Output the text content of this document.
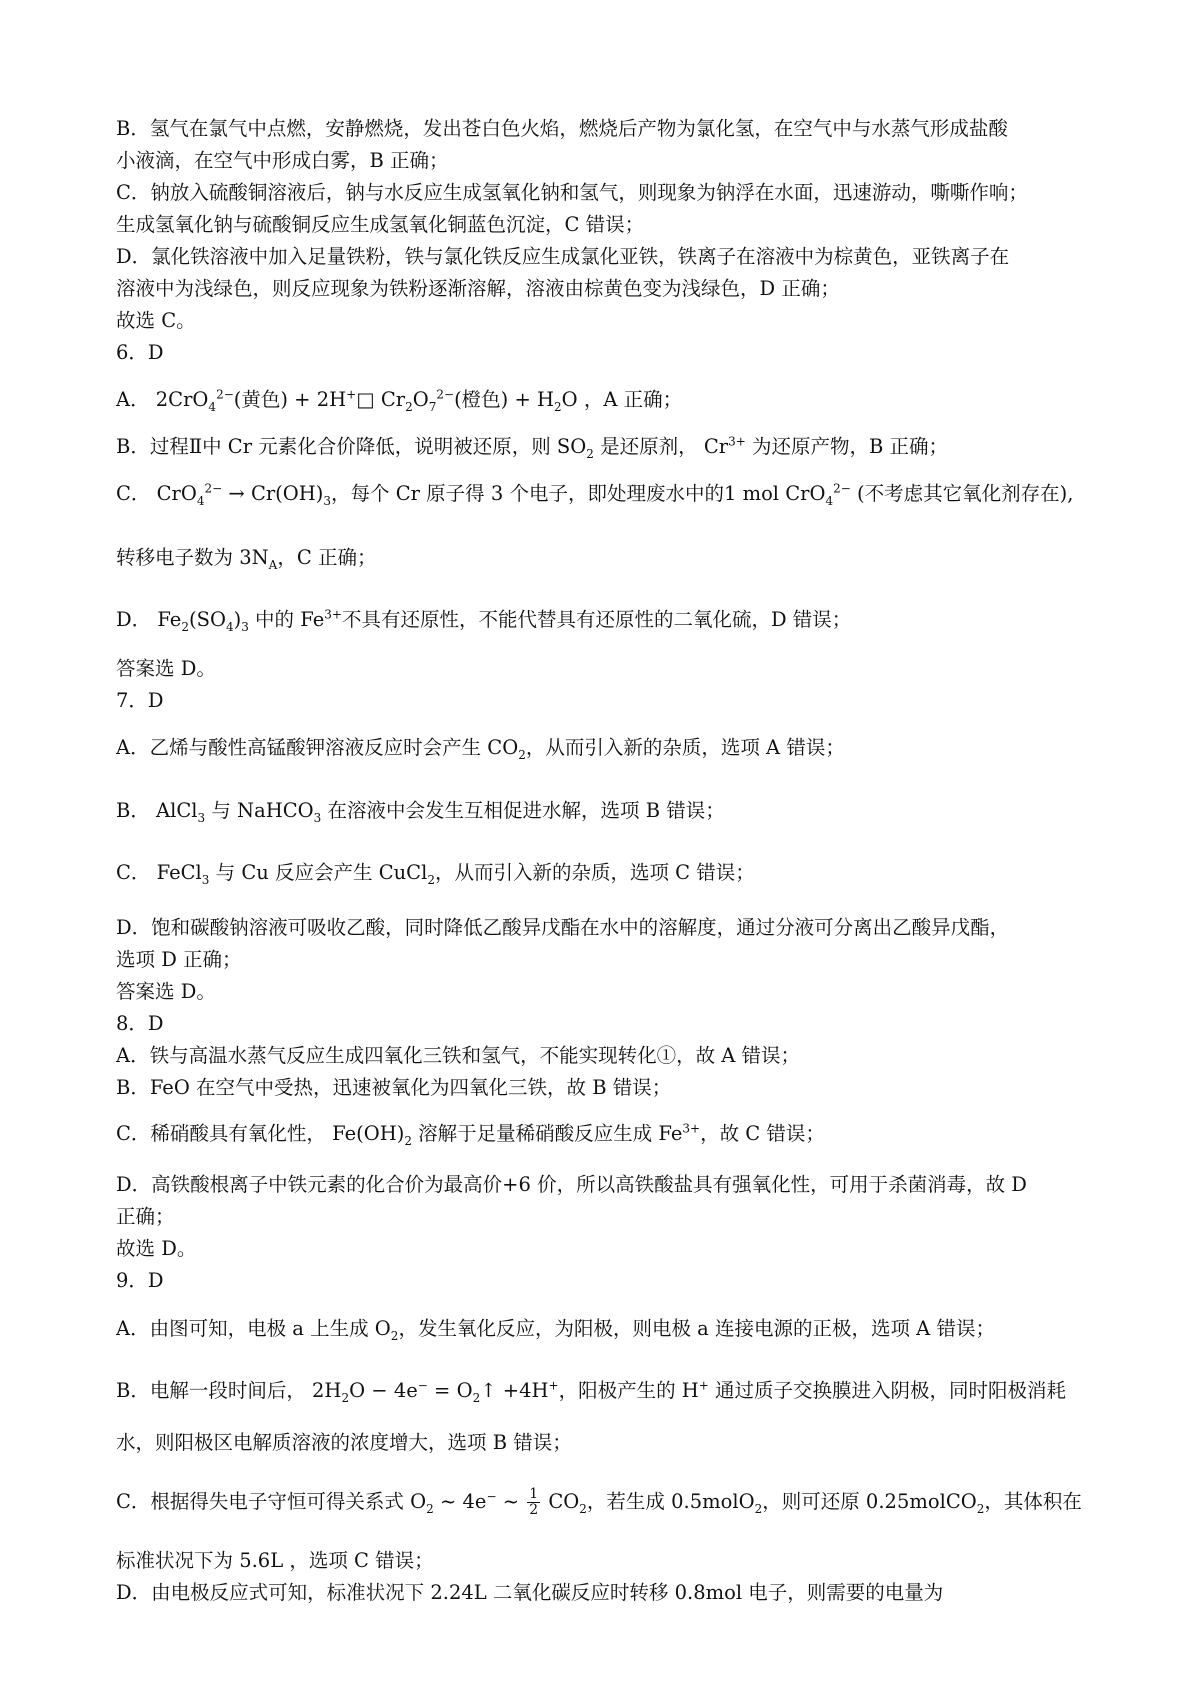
B．氢气在氯气中点燃，安静燃烧，发出苍白色火焰，燃烧后产物为氯化氢，在空气中与水蒸气形成盐酸
小液滴，在空气中形成白雾，B 正确；
C．钠放入硫酸铜溶液后，钠与水反应生成氢氧化钠和氢气，则现象为钠浮在水面，迅速游动，嘶嘶作响；
生成氢氧化钠与硫酸铜反应生成氢氧化铜蓝色沉淀，C 错误；
D．氯化铁溶液中加入足量铁粉，铁与氯化铁反应生成氯化亚铁，铁离子在溶液中为棕黄色，亚铁离子在
溶液中为浅绿色，则反应现象为铁粉逐渐溶解，溶液由棕黄色变为浅绿色，D 正确；
故选 C。
6．D
A． 2CrO$_4^{2-}$(黄色) + 2H+□ $Cr_2O_7^{2-}$(橙色) + $H_2O$ ，A 正确；
B．过程Ⅱ中 Cr 元素化合价降低，说明被还原，则 $SO_2$ 是还原剂， $Cr^{3+}$ 为还原产物，B 正确；
C． $CrO_4^{2-} \to Cr(OH)_3$，每个 Cr 原子得 3 个电子，即处理废水中的1 mol CrO$_4^{2-}$ (不考虑其它氧化剂存在),
转移电子数为 $3N_A$，C 正确；
D． $Fe_2(SO_4)_3$ 中的 $Fe^{3+}$不具有还原性，不能代替具有还原性的二氧化硫，D 错误；
答案选 D。
7．D
A．乙烯与酸性高锰酸钾溶液反应时会产生 $CO_2$，从而引入新的杂质，选项 A 错误；
B． AlCl$_3$ 与 NaHCO$_3$ 在溶液中会发生互相促进水解，选项 B 错误；
C． FeCl$_3$ 与 Cu 反应会产生 CuCl$_2$，从而引入新的杂质，选项 C 错误；
D．饱和碳酸钠溶液可吸收乙酸，同时降低乙酸异戊酯在水中的溶解度，通过分液可分离出乙酸异戊酯，
选项 D 正确；
答案选 D。
8．D
A．铁与高温水蒸气反应生成四氧化三铁和氢气，不能实现转化①，故 A 错误；
B．FeO 在空气中受热，迅速被氧化为四氧化三铁，故 B 错误；
C．稀硝酸具有氧化性， $Fe(OH)_2$ 溶解于足量稀硝酸反应生成 $Fe^{3+}$，故 C 错误；
D．高铁酸根离子中铁元素的化合价为最高价+6 价，所以高铁酸盐具有强氧化性，可用于杀菌消毒，故 D
正确；
故选 D。
9．D
A．由图可知，电极 a 上生成 $O_2$，发生氧化反应，为阳极，则电极 a 连接电源的正极，选项 A 错误；
B．电解一段时间后， $2H_2O - 4e^-$ = $O_2↑ +4H^+$，阳极产生的 H+ 通过质子交换膜进入阴极，同时阳极消耗
水，则阳极区电解质溶液的浓度增大，选项 B 错误；
C．根据得失电子守恒可得关系式 $O_2$ ~ 4e− ~ $\frac{1}{2} CO_2$，若生成 0.5molO$_2$，则可还原 0.25molCO$_2$，其体积在
标准状况下为 5.6L ，选项 C 错误；
D．由电极反应式可知，标准状况下 2.24L 二氧化碳反应时转移 0.8mol 电子，则需要的电量为
